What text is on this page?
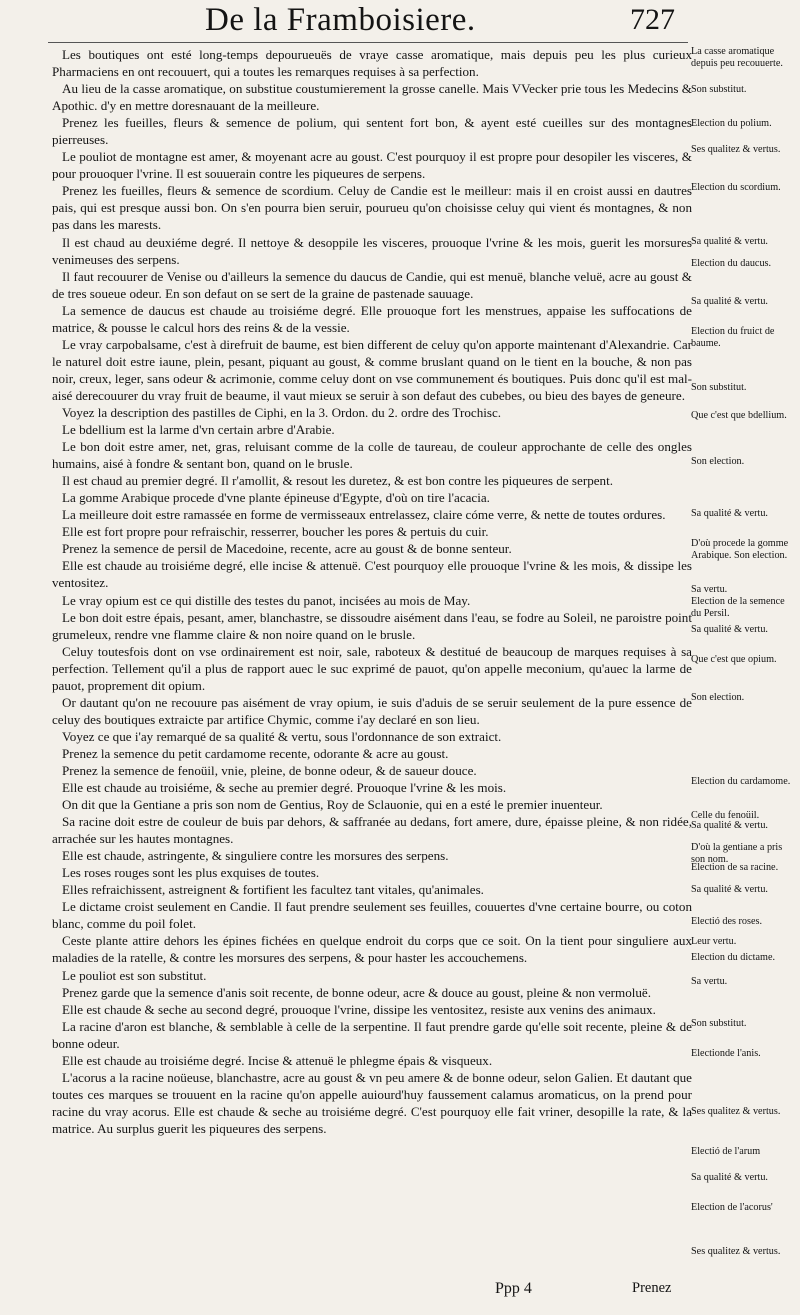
De la Framboisiere.	727

Les boutiques ont esté long-temps depourueuës de vraye casse aromatique, mais depuis peu les plus curieux Pharmaciens en ont recouuert, qui a toutes les remarques requises à sa perfection.

Au lieu de la casse aromatique, on substitue coustumierement la grosse canelle. Mais VVecker prie tous les Medecins & Apothic. d'y en mettre doresnauant de la meilleure.

Prenez les fueilles, fleurs & semence de polium, qui sentent fort bon, & ayent esté cueilles sur des montagnes pierreuses.

Le pouliot de montagne est amer, & moyenant acre au goust. C'est pourquoy il est propre pour desopiler les visceres, & pour prouoquer l'vrine. Il est souuerain contre les piqueures de serpens.

Prenez les fueilles, fleurs & semence de scordium. Celuy de Candie est le meilleur: mais il en croist aussi en dautres pais, qui est presque aussi bon. On s'en pourra bien seruir, pourueu qu'on choisisse celuy qui vient és montagnes, & non pas dans les marests.

Il est chaud au deuxiéme degré. Il nettoye & desoppile les visceres, prouoque l'vrine & les mois, guerit les morsures venimeuses des serpens.

Il faut recouurer de Venise ou d'ailleurs la semence du daucus de Candie, qui est menuë, blanche veluë, acre au goust & de tres soueue odeur. En son defaut on se sert de la graine de pastenade sauuage.

La semence de daucus est chaude au troisiéme degré. Elle prouoque fort les menstrues, appaise les suffocations de matrice, & pousse le calcul hors des reins & de la vessie.

Le vray carpobalsame, c'est à direfruit de baume, est bien different de celuy qu'on apporte maintenant d'Alexandrie. Car le naturel doit estre iaune, plein, pesant, piquant au goust, & comme bruslant quand on le tient en la bouche, & non pas noir, creux, leger, sans odeur & acrimonie, comme celuy dont on vse communement és boutiques. Puis donc qu'il est mal-aisé derecouurer du vray fruit de beaume, il vaut mieux se seruir à son defaut des cubebes, ou bieu des bayes de geneure.

Voyez la description des pastilles de Ciphi, en la 3. Ordon. du 2. ordre des Trochisc.

Le bdellium est la larme d'vn certain arbre d'Arabie.

Le bon doit estre amer, net, gras, reluisant comme de la colle de taureau, de couleur approchante de celle des ongles humains, aisé à fondre & sentant bon, quand on le brusle.

Il est chaud au premier degré. Il r'amollit, & resout les duretez, & est bon contre les piqueures de serpent.

La gomme Arabique procede d'vne plante épineuse d'Egypte, d'où on tire l'acacia.

La meilleure doit estre ramassée en forme de vermisseaux entrelassez, claire cóme verre, & nette de toutes ordures.

Elle est fort propre pour refraischir, resserrer, boucher les pores & pertuis du cuir.

Prenez la semence de persil de Macedoine, recente, acre au goust & de bonne senteur.

Elle est chaude au troisiéme degré, elle incise & attenuë. C'est pourquoy elle prouoque l'vrine & les mois, & dissipe les ventositez.

Le vray opium est ce qui distille des testes du panot, incisées au mois de May.

Le bon doit estre épais, pesant, amer, blanchastre, se dissoudre aisément dans l'eau, se fodre au Soleil, ne paroistre point grumeleux, rendre vne flamme claire & non noire quand on le brusle.

Celuy toutesfois dont on vse ordinairement est noir, sale, raboteux & destitué de beaucoup de marques requises à sa perfection. Tellement qu'il a plus de rapport auec le suc exprimé de pauot, qu'on appelle meconium, qu'auec la larme de pauot, proprement dit opium.

Or dautant qu'on ne recouure pas aisément de vray opium, ie suis d'aduis de se seruir seulement de la pure essence de celuy des boutiques extraicte par artifice Chymic, comme i'ay declaré en son lieu.

Voyez ce que i'ay remarqué de sa qualité & vertu, sous l'ordonnance de son extraict.

Prenez la semence du petit cardamome recente, odorante & acre au goust.

Prenez la semence de fenoüil, vnie, pleine, de bonne odeur, & de saueur douce.

Elle est chaude au troisiéme, & seche au premier degré. Prouoque l'vrine & les mois.

On dit que la Gentiane a pris son nom de Gentius, Roy de Sclauonie, qui en a esté le premier inuenteur.

Sa racine doit estre de couleur de buis par dehors, & saffranée au dedans, fort amere, dure, épaisse pleine, & non ridée, arrachée sur les hautes montagnes.

Elle est chaude, astringente, & singuliere contre les morsures des serpens.

Les roses rouges sont les plus exquises de toutes.

Elles refraichissent, astreignent & fortifient les facultez tant vitales, qu'animales.

Le dictame croist seulement en Candie. Il faut prendre seulement ses feuilles, couuertes d'vne certaine bourre, ou coton blanc, comme du poil folet.

Ceste plante attire dehors les épines fichées en quelque endroit du corps que ce soit. On la tient pour singuliere aux maladies de la ratelle, & contre les morsures des serpens, & pour haster les accouchemens.

Le pouliot est son substitut.

Prenez garde que la semence d'anis soit recente, de bonne odeur, acre & douce au goust, pleine & non vermoluë.

Elle est chaude & seche au second degré, prouoque l'vrine, dissipe les ventositez, resiste aux venins des animaux.

La racine d'aron est blanche, & semblable à celle de la serpentine. Il faut prendre garde qu'elle soit recente, pleine & de bonne odeur.

Elle est chaude au troisiéme degré. Incise & attenuë le phlegme épais & visqueux.

L'acorus a la racine noüeuse, blanchastre, acre au goust & vn peu amere & de bonne odeur, selon Galien. Et dautant que toutes ces marques se trouuent en la racine qu'on appelle auiourd'huy faussement calamus aromaticus, on la prend pour racine du vray acorus. Elle est chaude & seche au troisiéme degré. C'est pourquoy elle fait vriner, desopille la rate, & la matrice. Au surplus guerit les piqueures des serpens.

La casse aromatique depuis peu recouuerte.
Son substitut.
Election du polium.
Ses qualitez & vertus.
Election du scordium.
Sa qualité & vertu.
Election du daucus.
Sa qualité & vertu.
Election du fruict de baume.
Son substitut.
Que c'est que bdellium.
Son election.
Sa qualité & vertu.
D'où procede la gomme Arabique. Son election.
Sa vertu.
Election de la semence du Persil.
Sa qualité & vertu.
Que c'est que opium.
Son election.
Election du cardamome.
Celle du fenoüil.
Sa qualité & vertu.
D'où la gentiane a pris son nom.
Election de sa racine.
Sa qualité & vertu.
Electió des roses.
Leur vertu.
Election du dictame.
Sa vertu.
Son substitut.
Electionde l'anis.
Ses qualitez & vertus.
Electió de l'arum
Sa qualité & vertu.
Election de l'acorus'
Ses qualitez & vertus.
Ppp 4	Prenez
